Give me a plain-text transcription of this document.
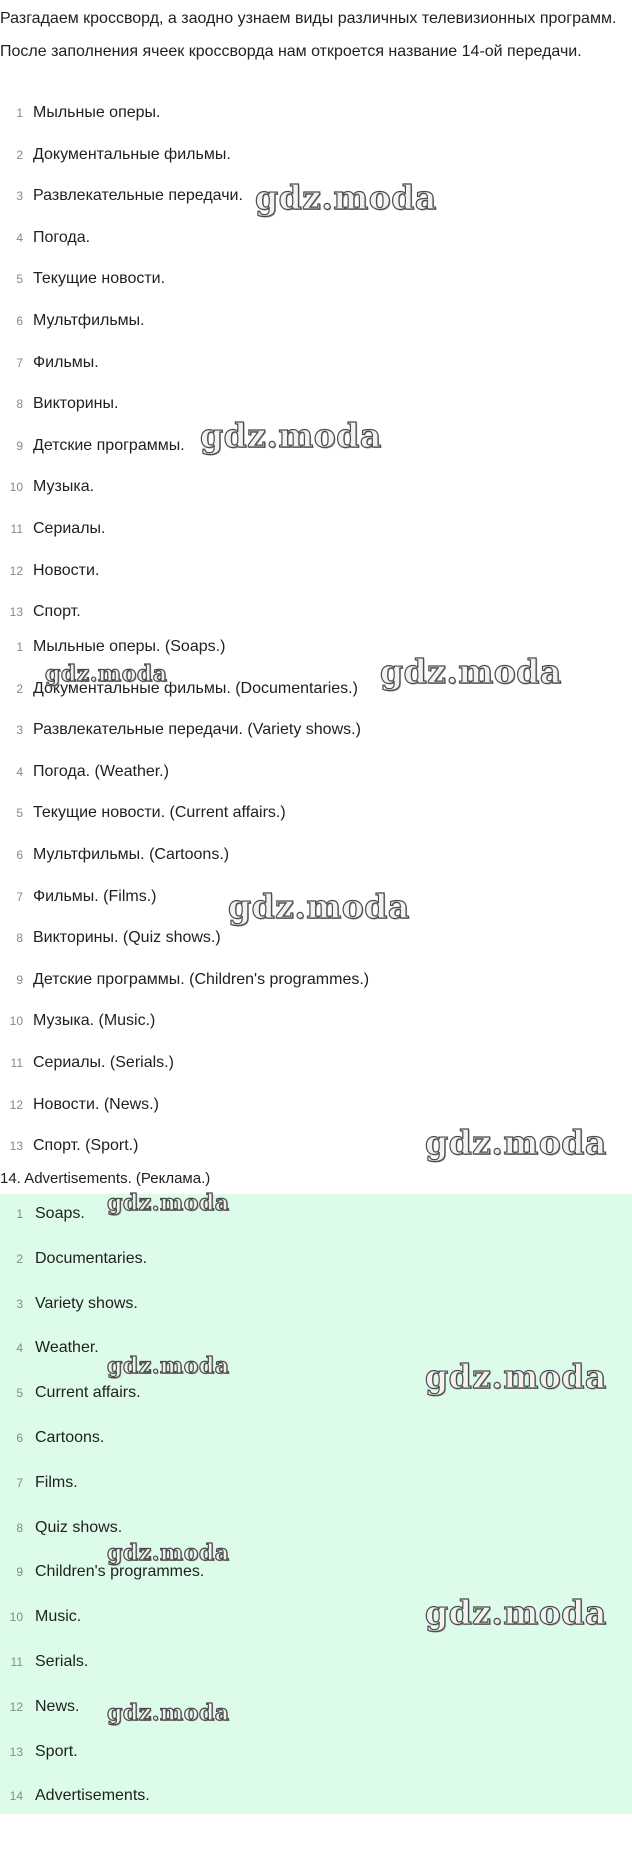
Разгадаем кроссворд, а заодно узнаем виды различных телевизионных программ. После заполнения ячеек кроссворда нам откроется название 14-ой передачи.

1 Мыльные оперы.
2 Документальные фильмы.
3 Развлекательные передачи.
4 Погода.
5 Текущие новости.
6 Мультфильмы.
7 Фильмы.
8 Викторины.
9 Детские программы.
10 Музыка.
11 Сериалы.
12 Новости.
13 Спорт.
1 Мыльные оперы. (Soaps.)
2 Документальные фильмы. (Documentaries.)
3 Развлекательные передачи. (Variety shows.)
4 Погода. (Weather.)
5 Текущие новости. (Current affairs.)
6 Мультфильмы. (Cartoons.)
7 Фильмы. (Films.)
8 Викторины. (Quiz shows.)
9 Детские программы. (Children's programmes.)
10 Музыка. (Music.)
11 Сериалы. (Serials.)
12 Новости. (News.)
13 Спорт. (Sport.)

14. Advertisements. (Реклама.)

1 Soaps.
2 Documentaries.
3 Variety shows.
4 Weather.
5 Current affairs.
6 Cartoons.
7 Films.
8 Quiz shows.
9 Children's programmes.
10 Music.
11 Serials.
12 News.
13 Sport.
14 Advertisements.
gdz.moda
gdz.moda
gdz.moda	gdz.moda
gdz.moda
gdz.moda
gdz.moda
gdz.moda	gdz.moda
gdz.moda
gdz.moda
gdz.moda
